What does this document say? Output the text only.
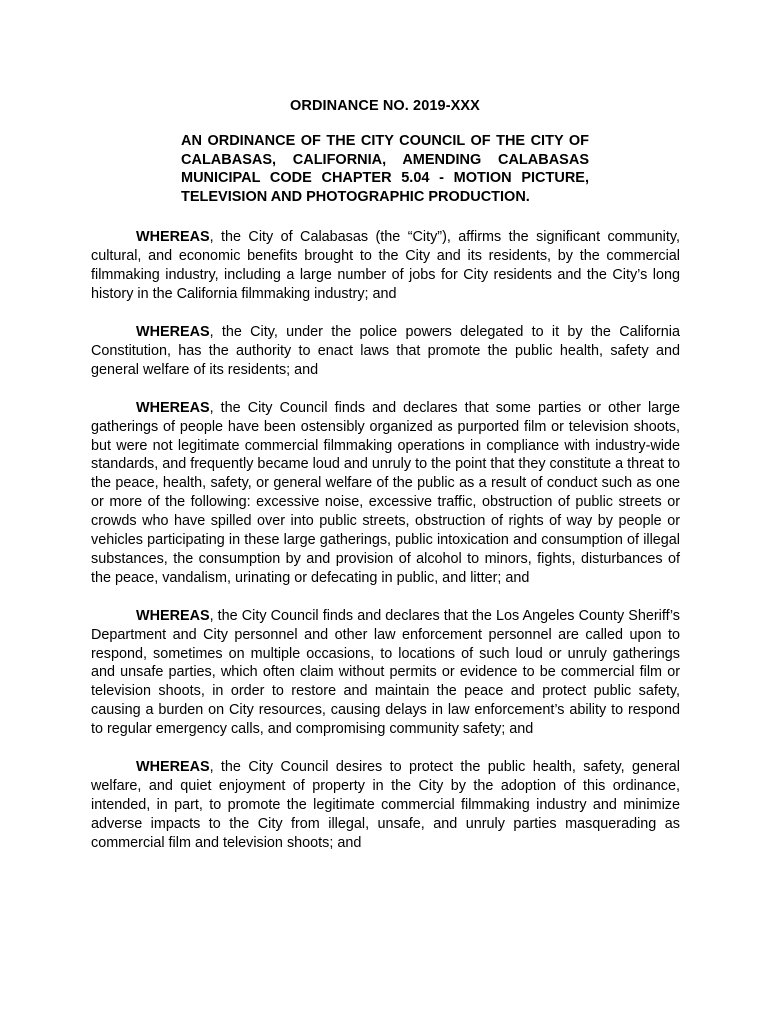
ORDINANCE NO. 2019-XXX
AN ORDINANCE OF THE CITY COUNCIL OF THE CITY OF CALABASAS, CALIFORNIA, AMENDING CALABASAS MUNICIPAL CODE CHAPTER 5.04 - MOTION PICTURE, TELEVISION AND PHOTOGRAPHIC PRODUCTION.

WHEREAS, the City of Calabasas (the “City”), affirms the significant community, cultural, and economic benefits brought to the City and its residents, by the commercial filmmaking industry, including a large number of jobs for City residents and the City’s long history in the California filmmaking industry; and

WHEREAS, the City, under the police powers delegated to it by the California Constitution, has the authority to enact laws that promote the public health, safety and general welfare of its residents; and

WHEREAS, the City Council finds and declares that some parties or other large gatherings of people have been ostensibly organized as purported film or television shoots, but were not legitimate commercial filmmaking operations in compliance with industry-wide standards, and frequently became loud and unruly to the point that they constitute a threat to the peace, health, safety, or general welfare of the public as a result of conduct such as one or more of the following: excessive noise, excessive traffic, obstruction of public streets or crowds who have spilled over into public streets, obstruction of rights of way by people or vehicles participating in these large gatherings, public intoxication and consumption of illegal substances, the consumption by and provision of alcohol to minors, fights, disturbances of the peace, vandalism, urinating or defecating in public, and litter; and

WHEREAS, the City Council finds and declares that the Los Angeles County Sheriff’s Department and City personnel and other law enforcement personnel are called upon to respond, sometimes on multiple occasions, to locations of such loud or unruly gatherings and unsafe parties, which often claim without permits or evidence to be commercial film or television shoots, in order to restore and maintain the peace and protect public safety, causing a burden on City resources, causing delays in law enforcement’s ability to respond to regular emergency calls, and compromising community safety; and

WHEREAS, the City Council desires to protect the public health, safety, general welfare, and quiet enjoyment of property in the City by the adoption of this ordinance, intended, in part, to promote the legitimate commercial filmmaking industry and minimize adverse impacts to the City from illegal, unsafe, and unruly parties masquerading as commercial film and television shoots; and
